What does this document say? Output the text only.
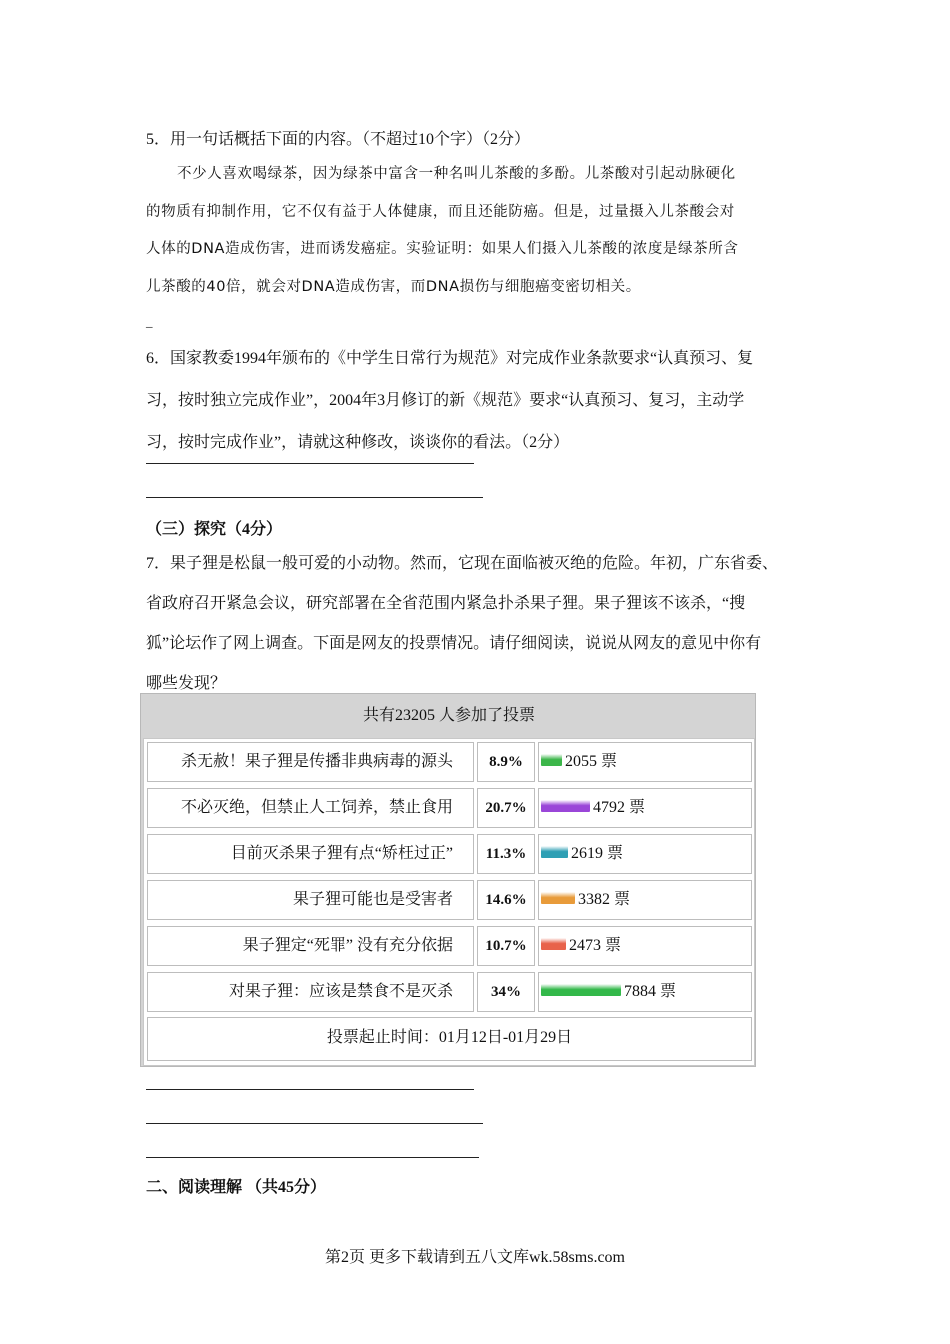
5．用一句话概括下面的内容。（不超过10个字）（2分）
不少人喜欢喝绿茶，因为绿茶中富含一种名叫儿茶酸的多酚。儿茶酸对引起动脉硬化
的物质有抑制作用，它不仅有益于人体健康，而且还能防癌。但是，过量摄入儿茶酸会对
人体的DNA造成伤害，进而诱发癌症。实验证明：如果人们摄入儿茶酸的浓度是绿茶所含
儿茶酸的40倍，就会对DNA造成伤害，而DNA损伤与细胞癌变密切相关。
_
6．国家教委1994年颁布的《中学生日常行为规范》对完成作业条款要求“认真预习、复
习，按时独立完成作业”，2004年3月修订的新《规范》要求“认真预习、复习，主动学
习，按时完成作业”，请就这种修改，谈谈你的看法。（2分）
（三）探究（4分）
7．果子狸是松鼠一般可爱的小动物。然而，它现在面临被灭绝的危险。年初，广东省委、
省政府召开紧急会议，研究部署在全省范围内紧急扑杀果子狸。果子狸该不该杀，“搜
狐”论坛作了网上调查。下面是网友的投票情况。请仔细阅读，说说从网友的意见中你有
哪些发现？
共有23205 人参加了投票
杀无赦！果子狸是传播非典病毒的源头	8.9%	2055 票
不必灭绝，但禁止人工饲养，禁止食用	20.7%	4792 票
目前灭杀果子狸有点“矫枉过正”	11.3%	2619 票
果子狸可能也是受害者	14.6%	3382 票
果子狸定“死罪” 没有充分依据	10.7%	2473 票
对果子狸：应该是禁食不是灭杀	34%	7884 票
投票起止时间：01月12日-01月29日
二、阅读理解 （共45分）
第2页 更多下载请到五八文库wk.58sms.com
